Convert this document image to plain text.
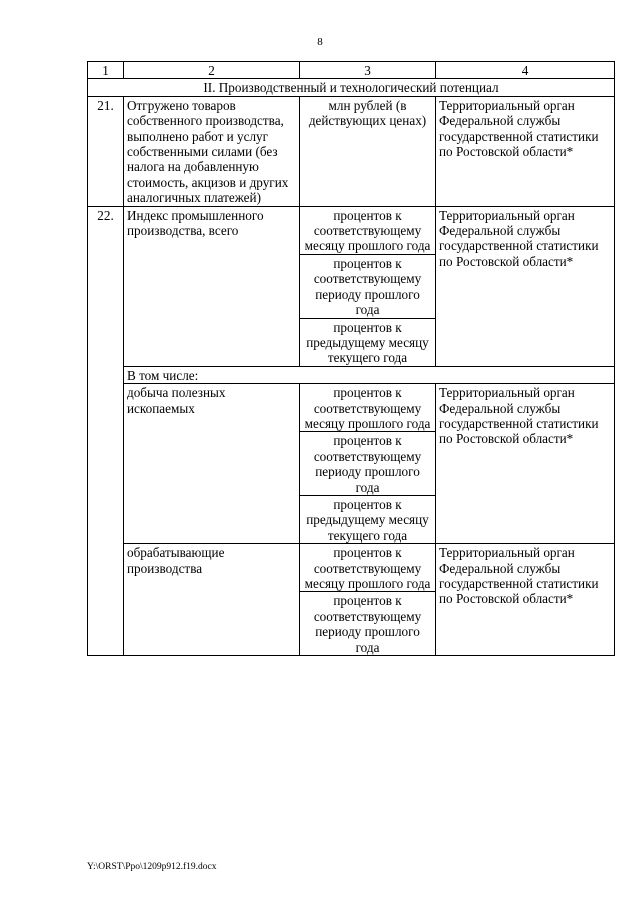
8
1	2	3	4
II. Производственный и технологический потенциал			
21.	Отгружено товаров собственного производства, выполнено работ и услуг собственными силами (без налога на добавленную стоимость, акцизов и других аналогичных платежей)	млн рублей (в действующих ценах)	Территориальный орган Федеральной службы государственной статистики по Ростовской области*
22.	Индекс промышленного производства, всего	процентов к соответствующему месяцу прошлого года	Территориальный орган Федеральной службы государственной статистики по Ростовской области*
		процентов к соответствующему периоду прошлого года	
		процентов к предыдущему месяцу текущего года	
	В том числе:		
	добыча полезных ископаемых	процентов к соответствующему месяцу прошлого года	Территориальный орган Федеральной службы государственной статистики по Ростовской области*
		процентов к соответствующему периоду прошлого года	
		процентов к предыдущему месяцу текущего года	
	обрабатывающие производства	процентов к соответствующему месяцу прошлого года	Территориальный орган Федеральной службы государственной статистики по Ростовской области*
		процентов к соответствующему периоду прошлого года	
Y:\ORST\Ppo\1209p912.f19.docx
